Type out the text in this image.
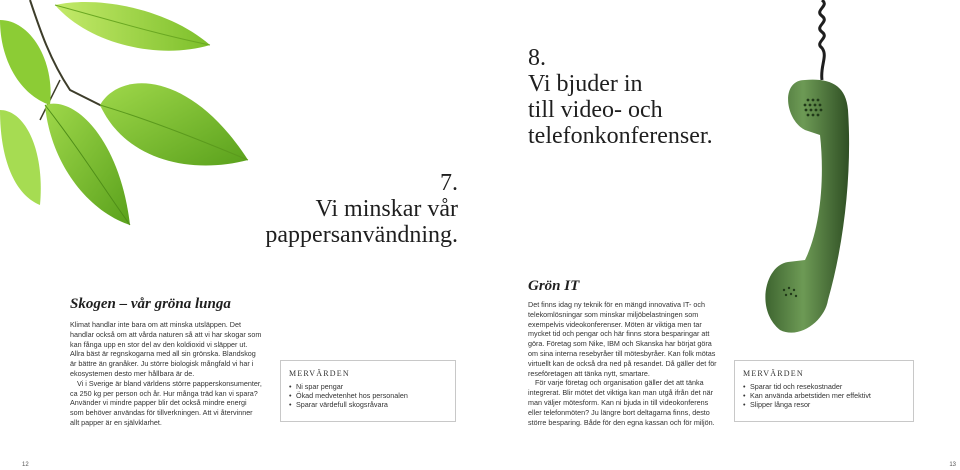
7.
Vi minskar vår
pappersanvändning.
Skogen – vår gröna lunga

Klimat handlar inte bara om att minska utsläppen. Det handlar också om att vårda naturen så att vi har skogar som kan fånga upp en stor del av den koldioxid vi släpper ut. Allra bäst är regnskogarna med all sin grönska. Blandskog är bättre än granåker. Ju större biologisk mångfald vi har i ekosystemen desto mer hållbara är de.

Vi i Sverige är bland världens större papperskonsumenter, ca 250 kg per person och år. Hur många träd kan vi spara? Använder vi mindre papper blir det också mindre energi som behöver användas för tillverkningen. Att vi återvinner allt papper är en självklarhet.

MERVÄRDEN
• Ni spar pengar
• Ökad medvetenhet hos personalen
• Sparar värdefull skogsråvara
12
8.
Vi bjuder in
till video- och
telefonkonferenser.
Grön IT

Det finns idag ny teknik för en mängd innovativa IT- och telekomlösningar som minskar miljöbelastningen som exempelvis videokonferenser. Möten är viktiga men tar mycket tid och pengar och här finns stora besparingar att göra. Företag som Nike, IBM och Skanska har börjat göra om sina interna resebyråer till mötesbyråer. Kan folk mötas virtuellt kan de också dra ned på resandet. Då gäller det för reseföretagen att tänka nytt, smartare.

För varje företag och organisation gäller det att tänka integrerat. Blir mötet det viktiga kan man utgå ifrån det när man väljer mötesform. Kan ni bjuda in till videokonferens eller telefonmöten? Ju längre bort deltagarna finns, desto större besparing. Både för den egna kassan och för miljön.

MERVÄRDEN
• Sparar tid och resekostnader
• Kan använda arbetstiden mer effektivt
• Slipper långa resor
13
